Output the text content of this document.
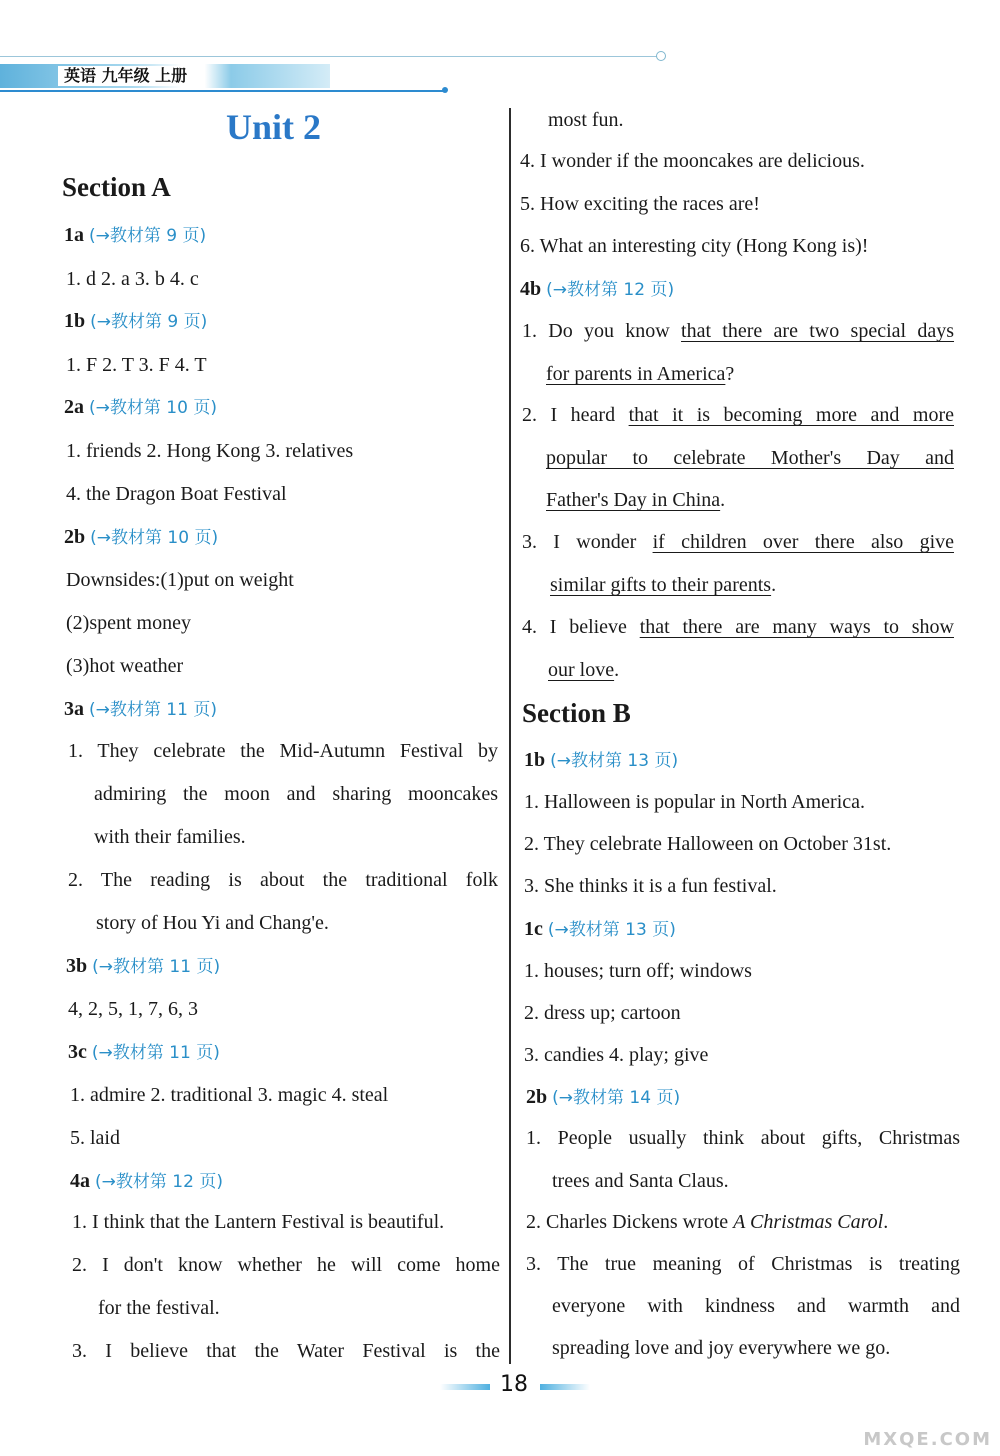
英语 九年级 上册
Unit 2
Section A
1a (→教材第 9 页)
1. d 2. a 3. b 4. c
1b (→教材第 9 页)
1. F 2. T 3. F 4. T
2a (→教材第 10 页)
1. friends 2. Hong Kong 3. relatives
4. the Dragon Boat Festival
2b (→教材第 10 页)
Downsides:(1)put on weight
(2)spent money
(3)hot weather
3a (→教材第 11 页)
1. They celebrate the Mid-Autumn Festival by
admiring the moon and sharing mooncakes
with their families.
2. The reading is about the traditional folk
story of Hou Yi and Chang'e.
3b (→教材第 11 页)
4, 2, 5, 1, 7, 6, 3
3c (→教材第 11 页)
1. admire 2. traditional 3. magic 4. steal
5. laid
4a (→教材第 12 页)
1. I think that the Lantern Festival is beautiful.
2. I don't know whether he will come home
for the festival.
3. I believe that the Water Festival is the
most fun.
4. I wonder if the mooncakes are delicious.
5. How exciting the races are!
6. What an interesting city (Hong Kong is)!
4b (→教材第 12 页)
1. Do you know that there are two special days
for parents in America?
2. I heard that it is becoming more and more
popular to celebrate Mother's Day and
Father's Day in China.
3. I wonder if children over there also give
similar gifts to their parents.
4. I believe that there are many ways to show
our love.
Section B
1b (→教材第 13 页)
1. Halloween is popular in North America.
2. They celebrate Halloween on October 31st.
3. She thinks it is a fun festival.
1c (→教材第 13 页)
1. houses; turn off; windows
2. dress up; cartoon
3. candies 4. play; give
2b (→教材第 14 页)
1. People usually think about gifts, Christmas
trees and Santa Claus.
2. Charles Dickens wrote A Christmas Carol.
3. The true meaning of Christmas is treating
everyone with kindness and warmth and
spreading love and joy everywhere we go.
18
MXQE.COM
